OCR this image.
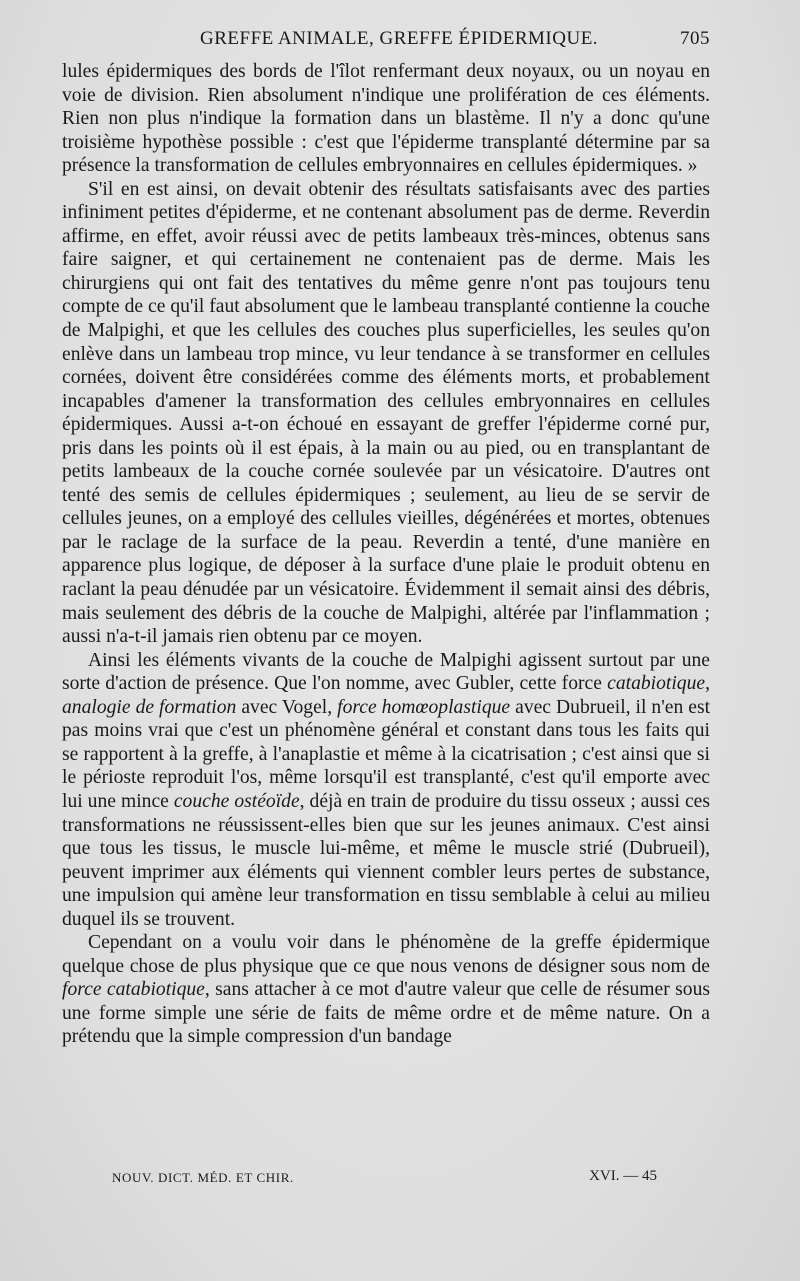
GREFFE ANIMALE, GREFFE ÉPIDERMIQUE.	705

lules épidermiques des bords de l'îlot renfermant deux noyaux, ou un noyau en voie de division. Rien absolument n'indique une prolifération de ces éléments. Rien non plus n'indique la formation dans un blastème. Il n'y a donc qu'une troisième hypothèse possible : c'est que l'épiderme transplanté détermine par sa présence la transformation de cellules embryonnaires en cellules épidermiques. »

S'il en est ainsi, on devait obtenir des résultats satisfaisants avec des parties infiniment petites d'épiderme, et ne contenant absolument pas de derme. Reverdin affirme, en effet, avoir réussi avec de petits lambeaux très-minces, obtenus sans faire saigner, et qui certainement ne contenaient pas de derme. Mais les chirurgiens qui ont fait des tentatives du même genre n'ont pas toujours tenu compte de ce qu'il faut absolument que le lambeau transplanté contienne la couche de Malpighi, et que les cellules des couches plus superficielles, les seules qu'on enlève dans un lambeau trop mince, vu leur tendance à se transformer en cellules cornées, doivent être considérées comme des éléments morts, et probablement incapables d'amener la transformation des cellules embryonnaires en cellules épidermiques. Aussi a-t-on échoué en essayant de greffer l'épiderme corné pur, pris dans les points où il est épais, à la main ou au pied, ou en transplantant de petits lambeaux de la couche cornée soulevée par un vésicatoire. D'autres ont tenté des semis de cellules épidermiques ; seulement, au lieu de se servir de cellules jeunes, on a employé des cellules vieilles, dégénérées et mortes, obtenues par le raclage de la surface de la peau. Reverdin a tenté, d'une manière en apparence plus logique, de déposer à la surface d'une plaie le produit obtenu en raclant la peau dénudée par un vésicatoire. Évidemment il semait ainsi des débris, mais seulement des débris de la couche de Malpighi, altérée par l'inflammation ; aussi n'a-t-il jamais rien obtenu par ce moyen.

Ainsi les éléments vivants de la couche de Malpighi agissent surtout par une sorte d'action de présence. Que l'on nomme, avec Gubler, cette force catabiotique, analogie de formation avec Vogel, force homœoplastique avec Dubrueil, il n'en est pas moins vrai que c'est un phénomène général et constant dans tous les faits qui se rapportent à la greffe, à l'anaplastie et même à la cicatrisation ; c'est ainsi que si le périoste reproduit l'os, même lorsqu'il est transplanté, c'est qu'il emporte avec lui une mince couche ostéoïde, déjà en train de produire du tissu osseux ; aussi ces transformations ne réussissent-elles bien que sur les jeunes animaux. C'est ainsi que tous les tissus, le muscle lui-même, et même le muscle strié (Dubrueil), peuvent imprimer aux éléments qui viennent combler leurs pertes de substance, une impulsion qui amène leur transformation en tissu semblable à celui au milieu duquel ils se trouvent.

Cependant on a voulu voir dans le phénomène de la greffe épidermique quelque chose de plus physique que ce que nous venons de désigner sous nom de force catabiotique, sans attacher à ce mot d'autre valeur que celle de résumer sous une forme simple une série de faits de même ordre et de même nature. On a prétendu que la simple compression d'un bandage

NOUV. DICT. MÉD. ET CHIR.	XVI. — 45
